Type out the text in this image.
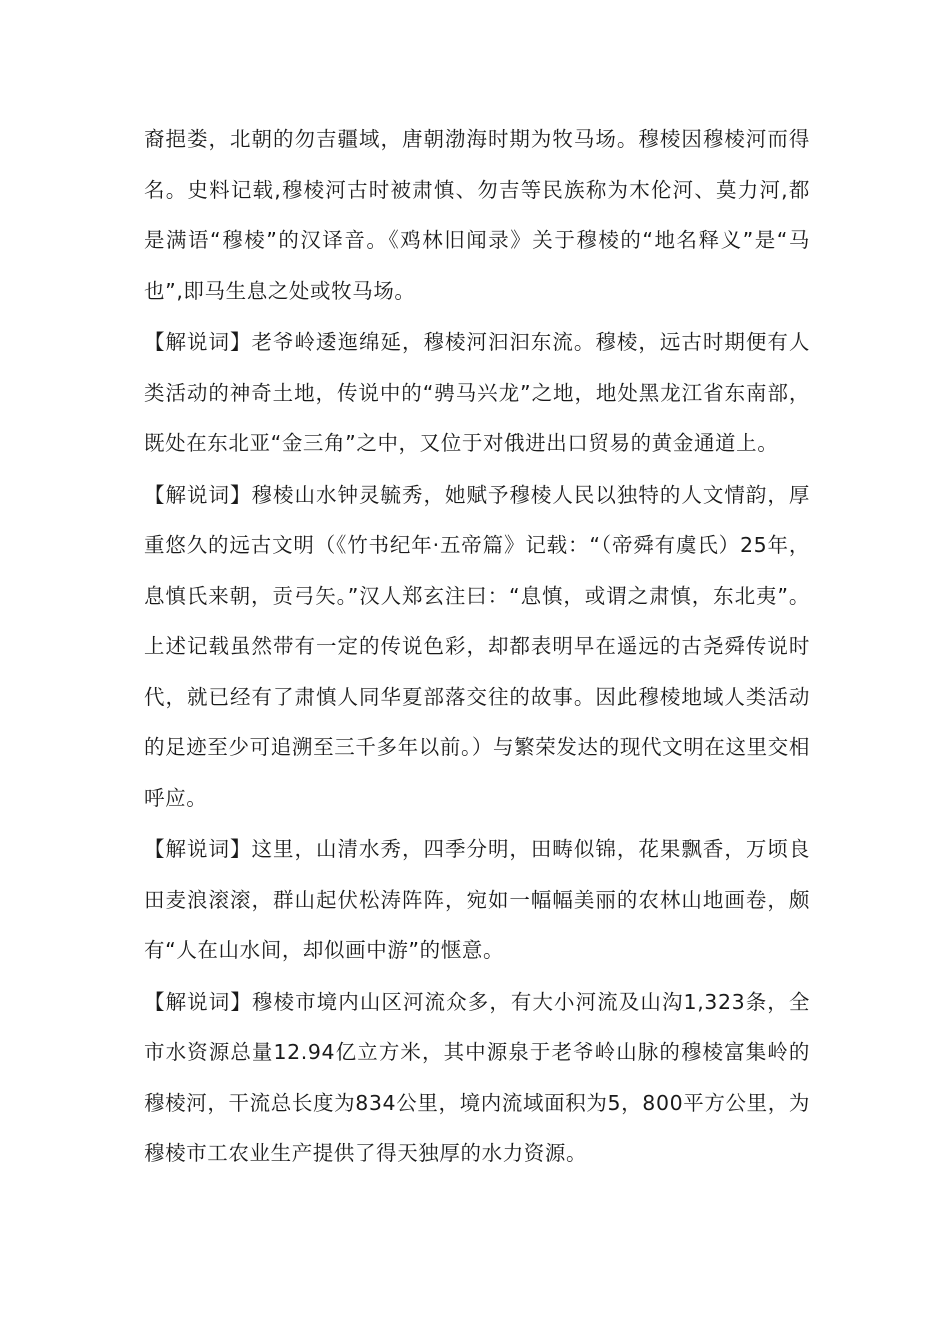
裔挹娄，北朝的勿吉疆域，唐朝渤海时期为牧马场。穆棱因穆棱河而得名。史料记载,穆棱河古时被肃慎、勿吉等民族称为木伦河、莫力河,都是满语“穆棱”的汉译音。《鸡林旧闻录》关于穆棱的“地名释义”是“马也”,即马生息之处或牧马场。

【解说词】老爷岭逶迤绵延，穆棱河汩汩东流。穆棱，远古时期便有人类活动的神奇土地，传说中的“骋马兴龙”之地，地处黑龙江省东南部，既处在东北亚“金三角”之中，又位于对俄进出口贸易的黄金通道上。

【解说词】穆棱山水钟灵毓秀，她赋予穆棱人民以独特的人文情韵，厚重悠久的远古文明（《竹书纪年·五帝篇》记载：“（帝舜有虞氏）25年，息慎氏来朝，贡弓矢。”汉人郑玄注曰：“息慎，或谓之肃慎，东北夷”。上述记载虽然带有一定的传说色彩，却都表明早在遥远的古尧舜传说时代，就已经有了肃慎人同华夏部落交往的故事。因此穆棱地域人类活动的足迹至少可追溯至三千多年以前。）与繁荣发达的现代文明在这里交相呼应。

【解说词】这里，山清水秀，四季分明，田畴似锦，花果飘香，万顷良田麦浪滚滚，群山起伏松涛阵阵，宛如一幅幅美丽的农林山地画卷，颇有“人在山水间，却似画中游”的惬意。

【解说词】穆棱市境内山区河流众多，有大小河流及山沟1,323条，全市水资源总量12.94亿立方米，其中源泉于老爷岭山脉的穆棱富集岭的穆棱河，干流总长度为834公里，境内流域面积为5，800平方公里，为穆棱市工农业生产提供了得天独厚的水力资源。
